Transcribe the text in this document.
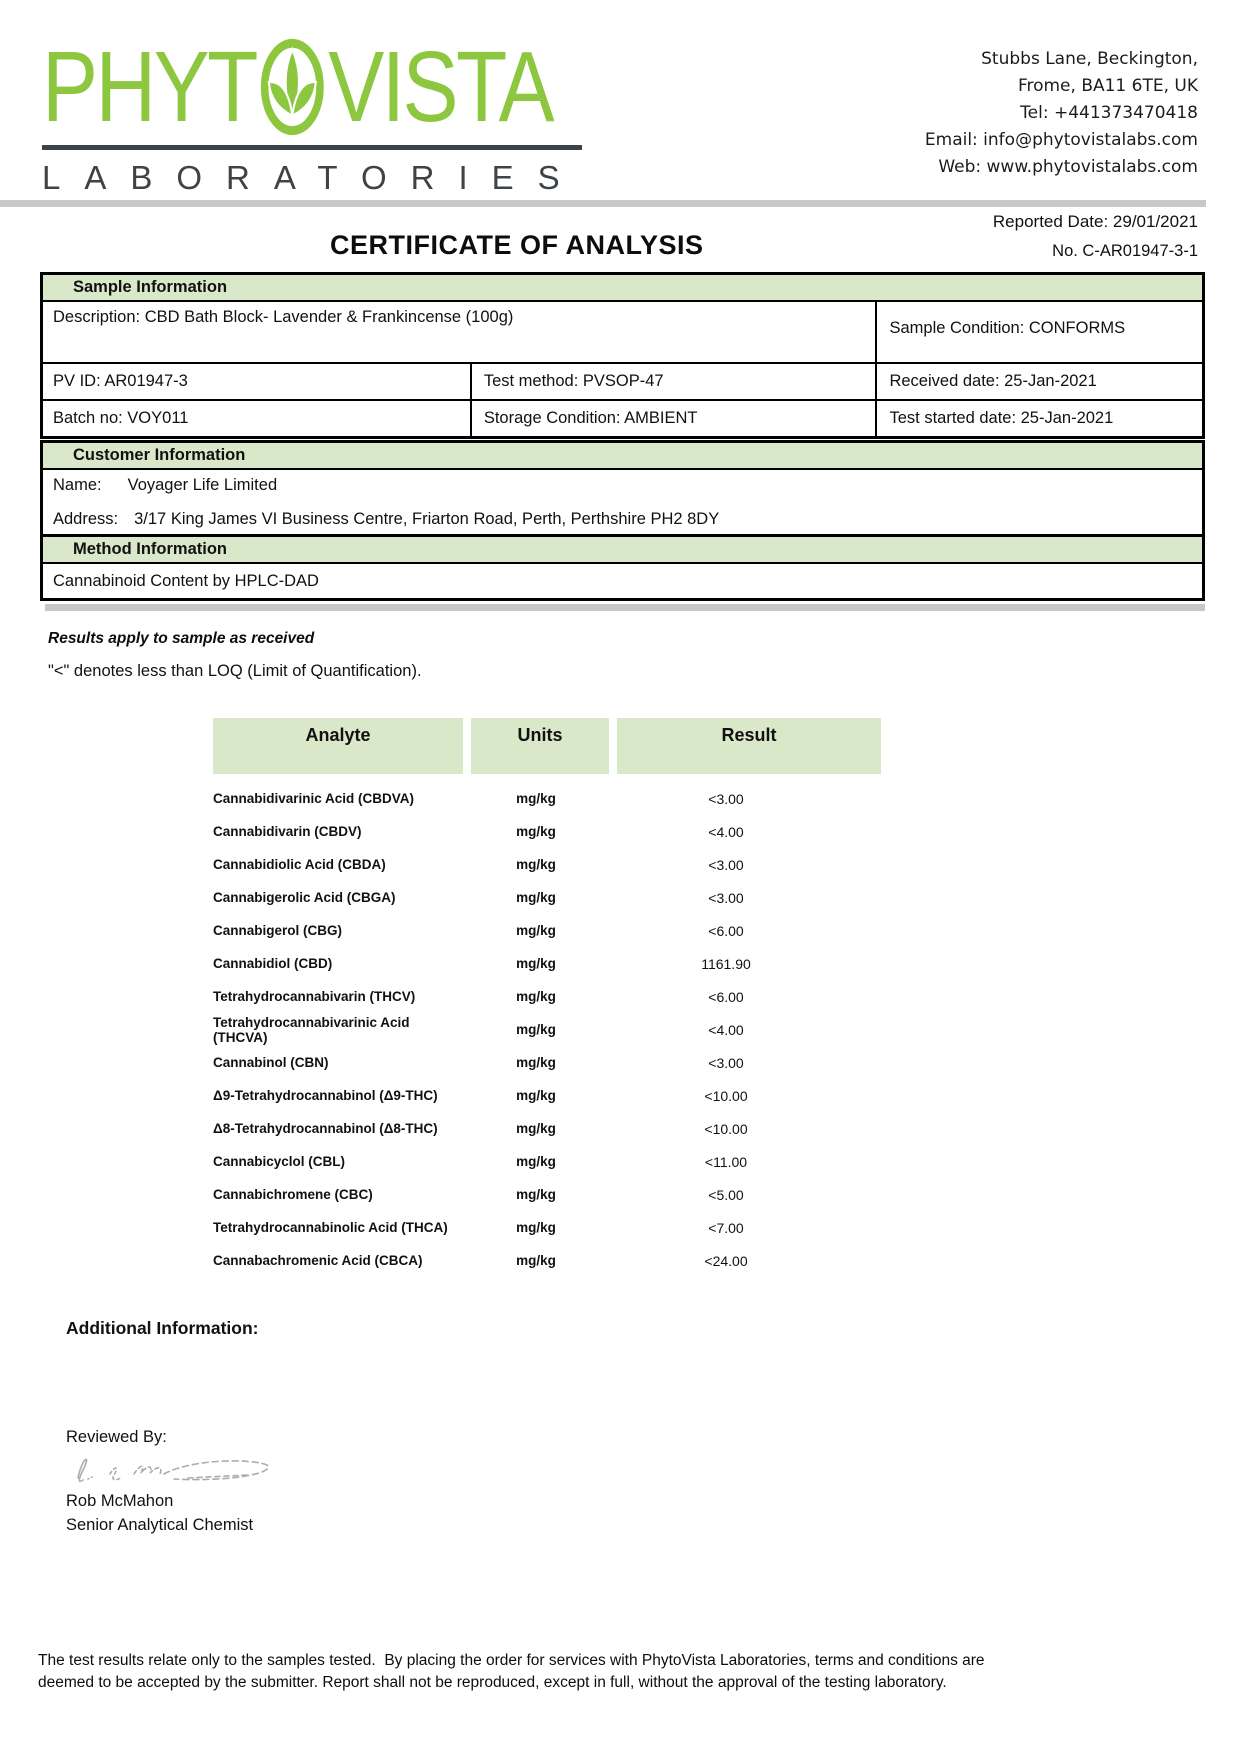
PHYT VISTA
LABORATORIES
Stubbs Lane, Beckington,
Frome, BA11 6TE, UK
Tel: +441373470418
Email: info@phytovistalabs.com
Web: www.phytovistalabs.com
Reported Date: 29/01/2021
CERTIFICATE OF ANALYSIS	No. C-AR01947-3-1
Sample Information
Description: CBD Bath Block- Lavender & Frankincense (100g)
Sample Condition: CONFORMS
PV ID: AR01947-3	Test method: PVSOP-47	Received date: 25-Jan-2021
Batch no: VOY011	Storage Condition: AMBIENT	Test started date: 25-Jan-2021
Customer Information
Name: Voyager Life Limited
Address: 3/17 King James VI Business Centre, Friarton Road, Perth, Perthshire PH2 8DY
Method Information
Cannabinoid Content by HPLC-DAD
Results apply to sample as received
"<" denotes less than LOQ (Limit of Quantification).
Analyte	Units	Result
Cannabidivarinic Acid (CBDVA)	mg/kg	<3.00
Cannabidivarin (CBDV)	mg/kg	<4.00
Cannabidiolic Acid (CBDA)	mg/kg	<3.00
Cannabigerolic Acid (CBGA)	mg/kg	<3.00
Cannabigerol (CBG)	mg/kg	<6.00
Cannabidiol (CBD)	mg/kg	1161.90
Tetrahydrocannabivarin (THCV)	mg/kg	<6.00
Tetrahydrocannabivarinic Acid (THCVA)	mg/kg	<4.00
Cannabinol (CBN)	mg/kg	<3.00
Δ9-Tetrahydrocannabinol (Δ9-THC)	mg/kg	<10.00
Δ8-Tetrahydrocannabinol (Δ8-THC)	mg/kg	<10.00
Cannabicyclol (CBL)	mg/kg	<11.00
Cannabichromene (CBC)	mg/kg	<5.00
Tetrahydrocannabinolic Acid (THCA)	mg/kg	<7.00
Cannabachromenic Acid (CBCA)	mg/kg	<24.00
Additional Information:
Reviewed By:
Rob McMahon
Senior Analytical Chemist
The test results relate only to the samples tested.  By placing the order for services with PhytoVista Laboratories, terms and conditions are
deemed to be accepted by the submitter. Report shall not be reproduced, except in full, without the approval of the testing laboratory.
